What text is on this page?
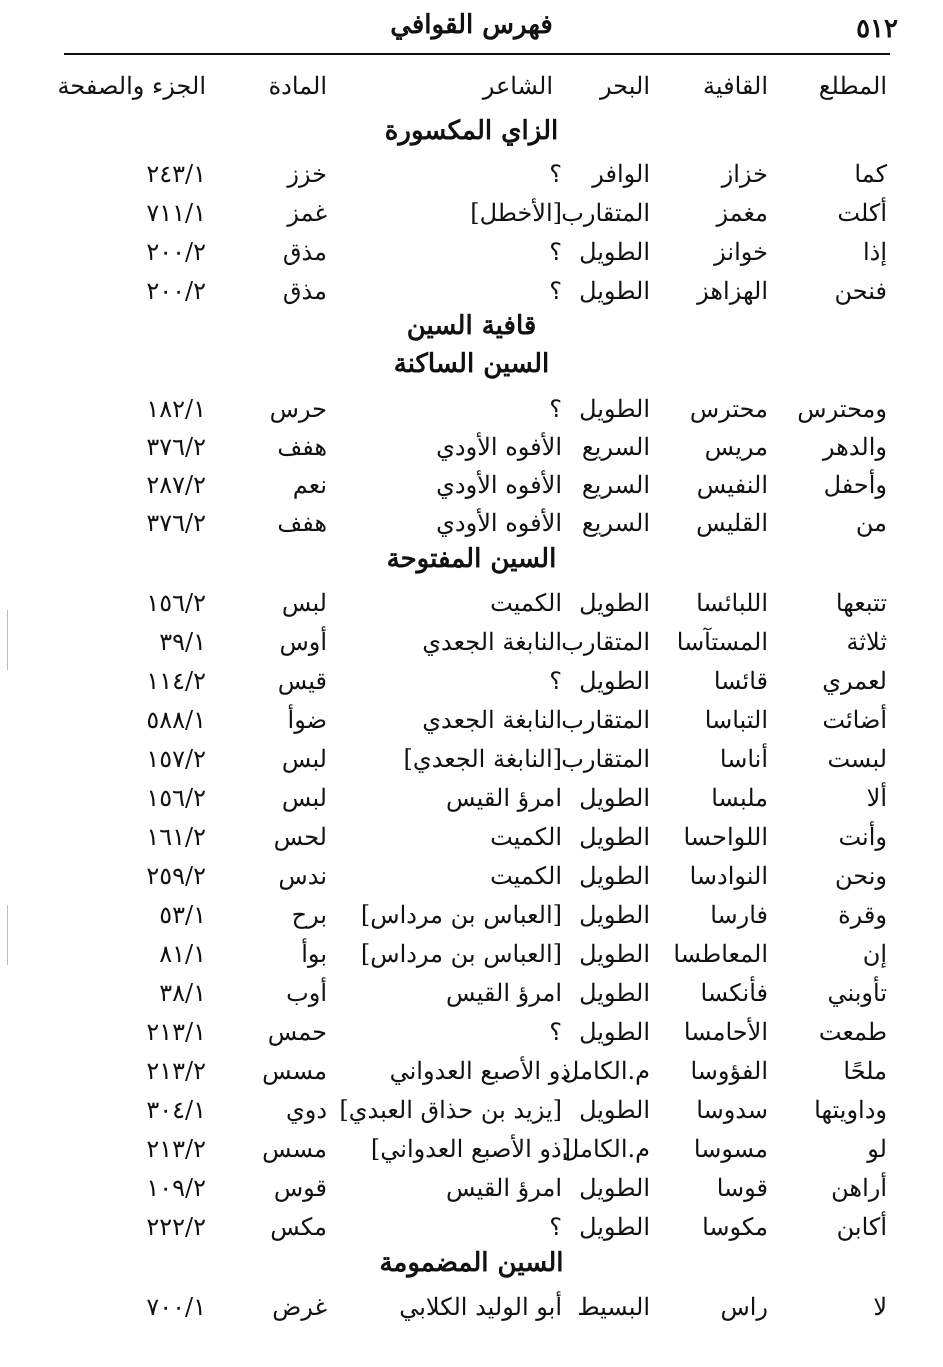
فهرس القوافي	٥١٢
المطلع
القافية
البحر
الشاعر
المادة
الجزء والصفحة
الزاي المكسورة
كما
خزاز
الوافر
؟
خزز
٢٤٣/١
أكلت
مغمز
المتقارب
[الأخطل]
غمز
٧١١/١
إذا
خوانز
الطويل
؟
مذق
٢٠٠/٢
فنحن
الهزاهز
الطويل
؟
مذق
٢٠٠/٢
قافية السين
السين الساكنة
ومحترس
محترس
الطويل
؟
حرس
١٨٢/١
والدهر
مريس
السريع
الأفوه الأودي
هفف
٣٧٦/٢
وأحفل
النفيس
السريع
الأفوه الأودي
نعم
٢٨٧/٢
من
القليس
السريع
الأفوه الأودي
هفف
٣٧٦/٢
السين المفتوحة
تتبعها
اللبائسا
الطويل
الكميت
لبس
١٥٦/٢
ثلاثة
المستآسا
المتقارب
النابغة الجعدي
أوس
٣٩/١
لعمري
قائسا
الطويل
؟
قيس
١١٤/٢
أضائت
التباسا
المتقارب
النابغة الجعدي
ضوأ
٥٨٨/١
لبست
أناسا
المتقارب
[النابغة الجعدي]
لبس
١٥٧/٢
ألا
ملبسا
الطويل
امرؤ القيس
لبس
١٥٦/٢
وأنت
اللواحسا
الطويل
الكميت
لحس
١٦١/٢
ونحن
النوادسا
الطويل
الكميت
ندس
٢٥٩/٢
وقرة
فارسا
الطويل
[العباس بن مرداس]
برح
٥٣/١
إن
المعاطسا
الطويل
[العباس بن مرداس]
بوأ
٨١/١
تأوبني
فأنكسا
الطويل
امرؤ القيس
أوب
٣٨/١
طمعت
الأحامسا
الطويل
؟
حمس
٢١٣/١
ملحًا
الفؤوسا
م.الكامل
ذو الأصبع العدواني
مسس
٢١٣/٢
وداويتها
سدوسا
الطويل
[يزيد بن حذاق العبدي]
دوي
٣٠٤/١
لو
مسوسا
م.الكامل
[ذو الأصبع العدواني]
مسس
٢١٣/٢
أراهن
قوسا
الطويل
امرؤ القيس
قوس
١٠٩/٢
أكابن
مكوسا
الطويل
؟
مكس
٢٢٢/٢
السين المضمومة
لا
راس
البسيط
أبو الوليد الكلابي
غرض
٧٠٠/١
